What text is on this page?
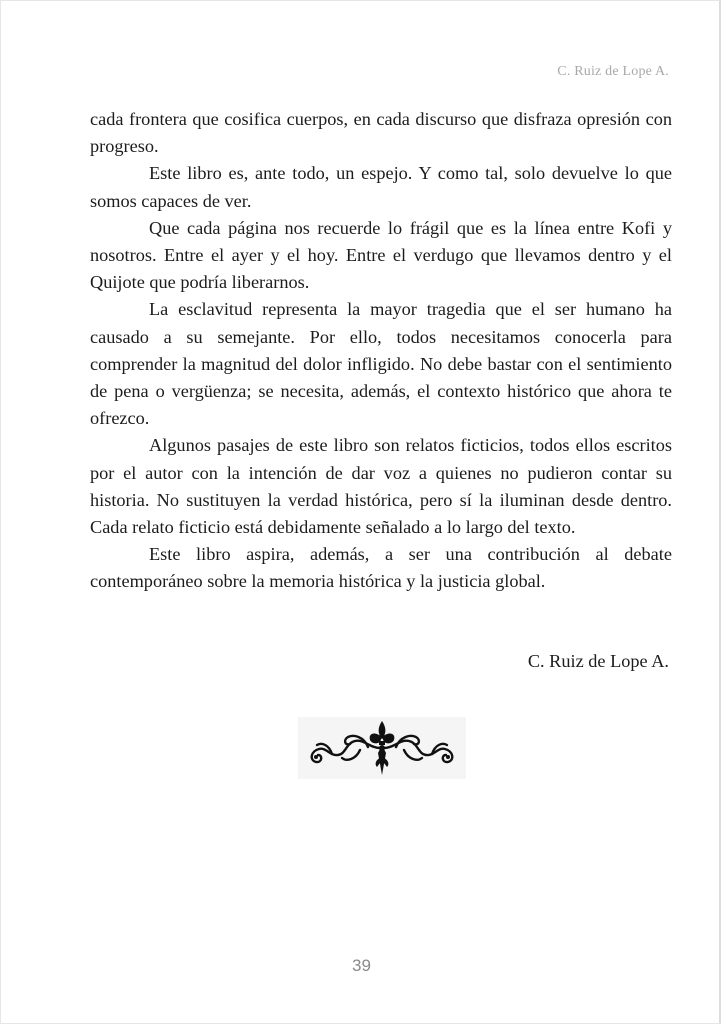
C. Ruiz de Lope A.

cada frontera que cosifica cuerpos, en cada discurso que disfraza opresión con progreso.

Este libro es, ante todo, un espejo. Y como tal, solo devuelve lo que somos capaces de ver.

Que cada página nos recuerde lo frágil que es la línea entre Kofi y nosotros. Entre el ayer y el hoy. Entre el verdugo que llevamos dentro y el Quijote que podría liberarnos.

La esclavitud representa la mayor tragedia que el ser humano ha causado a su semejante. Por ello, todos necesitamos conocerla para comprender la magnitud del dolor infligido. No debe bastar con el sentimiento de pena o vergüenza; se necesita, además, el contexto histórico que ahora te ofrezco.

Algunos pasajes de este libro son relatos ficticios, todos ellos escritos por el autor con la intención de dar voz a quienes no pudieron contar su historia. No sustituyen la verdad histórica, pero sí la iluminan desde dentro. Cada relato ficticio está debidamente señalado a lo largo del texto.

Este libro aspira, además, a ser una contribución al debate contemporáneo sobre la memoria histórica y la justicia global.

C. Ruiz de Lope A.
39
